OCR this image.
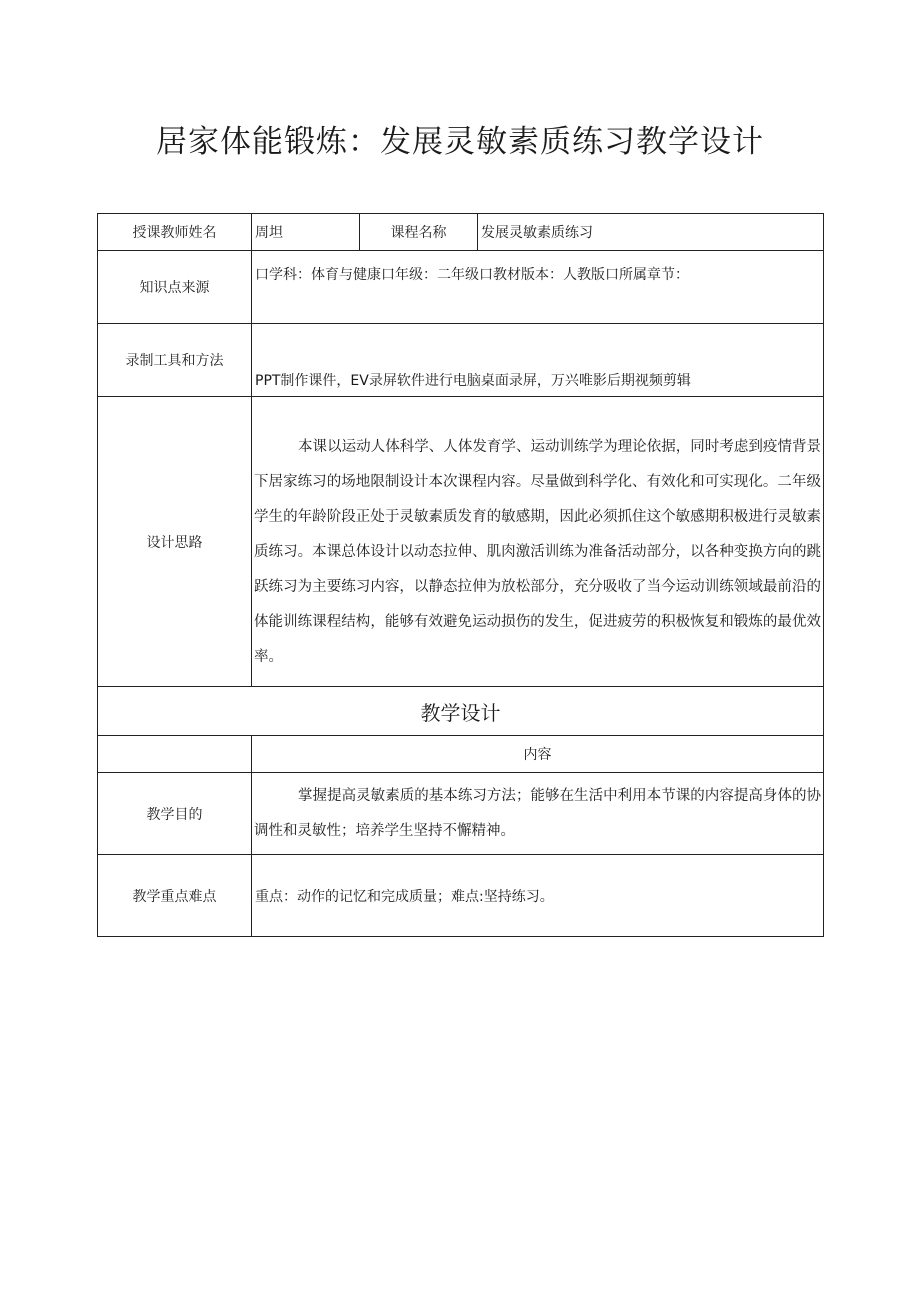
居家体能锻炼：发展灵敏素质练习教学设计
授课教师姓名	周坦	课程名称	发展灵敏素质练习
知识点来源	口学科：体育与健康口年级：二年级口教材版本：人教版口所属章节：		
录制工具和方法	PPT制作课件，EV录屏软件进行电脑桌面录屏，万兴唯影后期视频剪辑		
设计思路	本课以运动人体科学、人体发育学、运动训练学为理论依据，同时考虑到疫情背景下居家练习的场地限制设计本次课程内容。尽量做到科学化、有效化和可实现化。二年级学生的年龄阶段正处于灵敏素质发育的敏感期，因此必须抓住这个敏感期积极进行灵敏素质练习。本课总体设计以动态拉伸、肌肉激活训练为准备活动部分，以各种变换方向的跳跃练习为主要练习内容，以静态拉伸为放松部分，充分吸收了当今运动训练领域最前沿的体能训练课程结构，能够有效避免运动损伤的发生，促进疲劳的积极恢复和锻炼的最优效率。		
教学设计			
	内容		
教学目的	掌握提高灵敏素质的基本练习方法；能够在生活中利用本节课的内容提高身体的协调性和灵敏性；培养学生坚持不懈精神。		
教学重点难点	重点：动作的记忆和完成质量；难点:坚持练习。		
